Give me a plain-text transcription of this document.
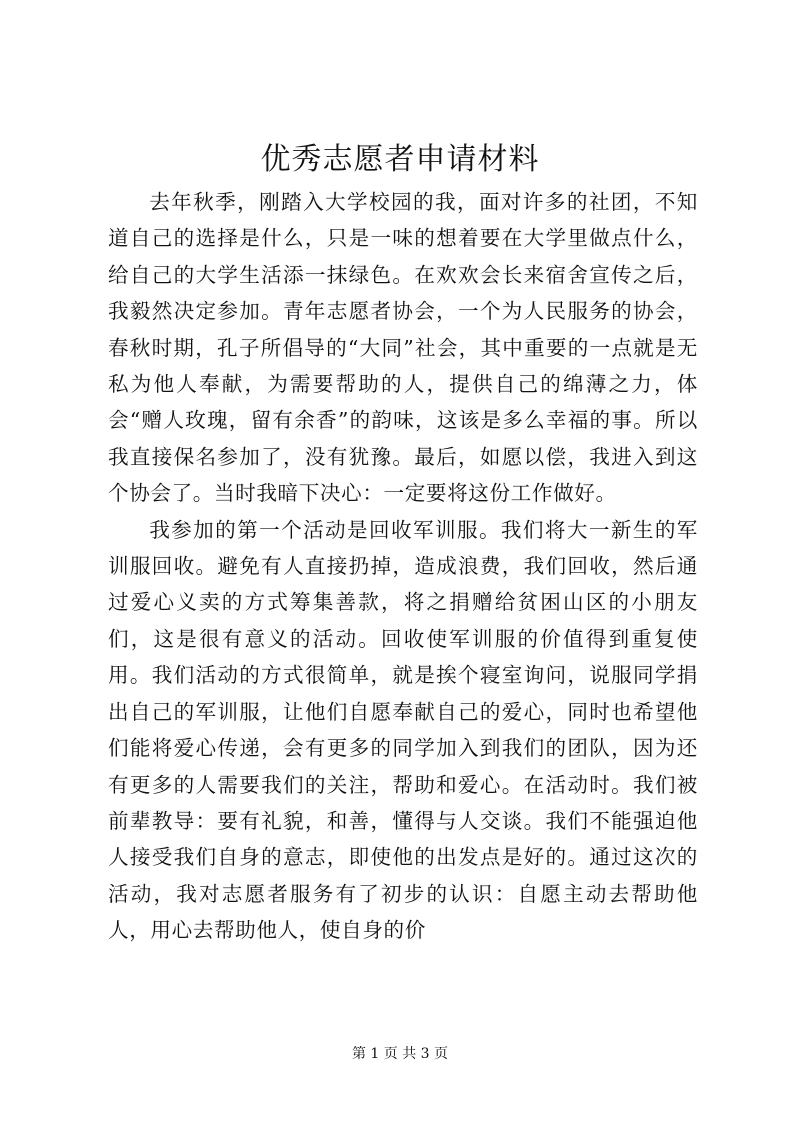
优秀志愿者申请材料

去年秋季，刚踏入大学校园的我，面对许多的社团，不知道自己的选择是什么，只是一味的想着要在大学里做点什么，给自己的大学生活添一抹绿色。在欢欢会长来宿舍宣传之后，我毅然决定参加。青年志愿者协会，一个为人民服务的协会，春秋时期，孔子所倡导的“大同”社会，其中重要的一点就是无私为他人奉献，为需要帮助的人，提供自己的绵薄之力，体会“赠人玫瑰，留有余香”的韵味，这该是多么幸福的事。所以我直接保名参加了，没有犹豫。最后，如愿以偿，我进入到这个协会了。当时我暗下决心：一定要将这份工作做好。

我参加的第一个活动是回收军训服。我们将大一新生的军训服回收。避免有人直接扔掉，造成浪费，我们回收，然后通过爱心义卖的方式筹集善款，将之捐赠给贫困山区的小朋友们，这是很有意义的活动。回收使军训服的价值得到重复使用。我们活动的方式很简单，就是挨个寝室询问，说服同学捐出自己的军训服，让他们自愿奉献自己的爱心，同时也希望他们能将爱心传递，会有更多的同学加入到我们的团队，因为还有更多的人需要我们的关注，帮助和爱心。在活动时。我们被前辈教导：要有礼貌，和善，懂得与人交谈。我们不能强迫他人接受我们自身的意志，即使他的出发点是好的。通过这次的活动，我对志愿者服务有了初步的认识：自愿主动去帮助他人，用心去帮助他人，使自身的价

第 1 页 共 3 页
